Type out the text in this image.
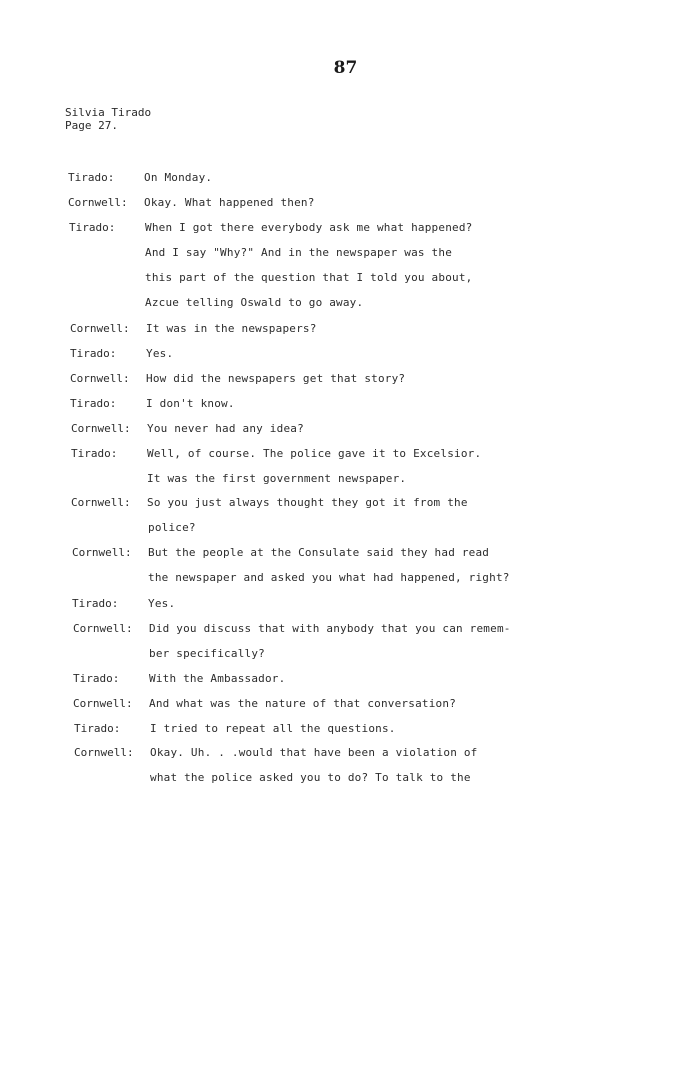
87
Silvia Tirado
Page 27.
Tirado:	On Monday.
Cornwell: Okay. What happened then?
Tirado:	When I got there everybody ask me what happened?
And I say "Why?" And in the newspaper was the
this part of the question that I told you about,
Azcue telling Oswald to go away.
Cornwell: It was in the newspapers?
Tirado:	Yes.
Cornwell: How did the newspapers get that story?
Tirado:	I don't know.
Cornwell: You never had any idea?
Tirado:	Well, of course. The police gave it to Excelsior.
It was the first government newspaper.
Cornwell: So you just always thought they got it from the
police?
Cornwell: But the people at the Consulate said they had read
the newspaper and asked you what had happened, right?
Tirado:	Yes.
Cornwell: Did you discuss that with anybody that you can remem-
ber specifically?
Tirado:	With the Ambassador.
Cornwell: And what was the nature of that conversation?
Tirado:	I tried to repeat all the questions.
Cornwell: Okay. Uh. . .would that have been a violation of
what the police asked you to do? To talk to the
